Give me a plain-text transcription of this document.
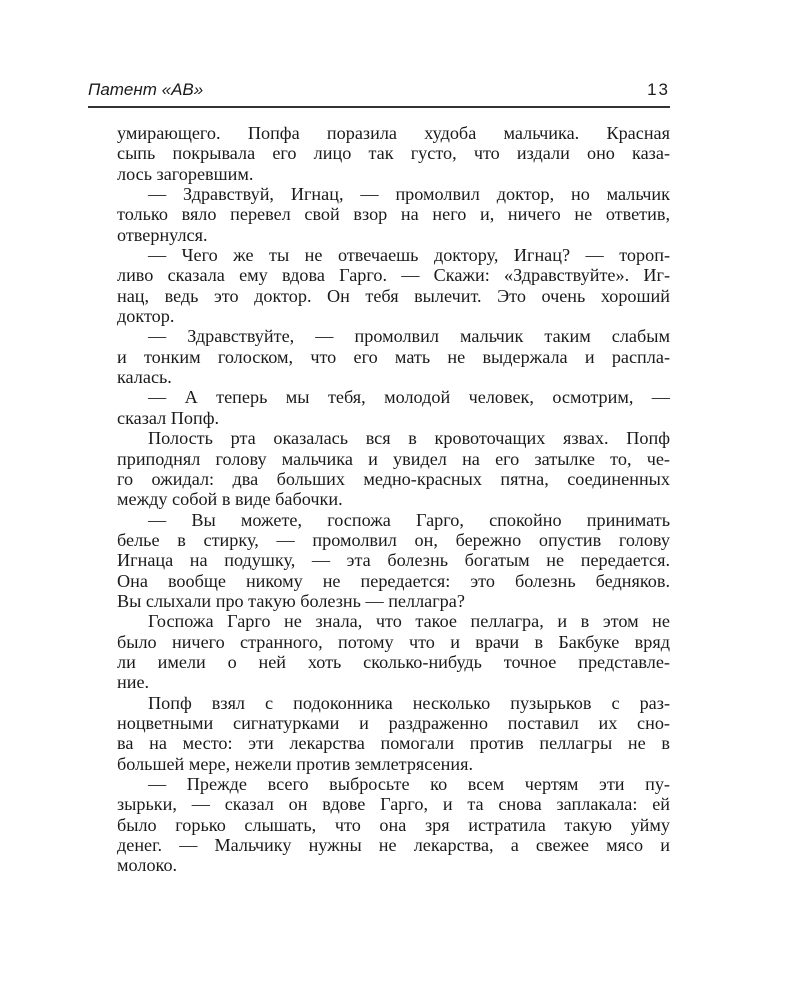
Патент «АВ»	13
умирающего. Попфа поразила худоба мальчика. Красная
сыпь покрывала его лицо так густо, что издали оно каза-
лось загоревшим.
— Здравствуй, Игнац, — промолвил доктор, но мальчик
только вяло перевел свой взор на него и, ничего не ответив,
отвернулся.
— Чего же ты не отвечаешь доктору, Игнац? — тороп-
ливо сказала ему вдова Гарго. — Скажи: «Здравствуйте». Иг-
нац, ведь это доктор. Он тебя вылечит. Это очень хороший
доктор.
— Здравствуйте, — промолвил мальчик таким слабым
и тонким голоском, что его мать не выдержала и распла-
калась.
— А теперь мы тебя, молодой человек, осмотрим, —
сказал Попф.
Полость рта оказалась вся в кровоточащих язвах. Попф
приподнял голову мальчика и увидел на его затылке то, че-
го ожидал: два больших медно-красных пятна, соединенных
между собой в виде бабочки.
— Вы можете, госпожа Гарго, спокойно принимать
белье в стирку, — промолвил он, бережно опустив голову
Игнаца на подушку, — эта болезнь богатым не передается.
Она вообще никому не передается: это болезнь бедняков.
Вы слыхали про такую болезнь — пеллагра?
Госпожа Гарго не знала, что такое пеллагра, и в этом не
было ничего странного, потому что и врачи в Бакбуке вряд
ли имели о ней хоть сколько-нибудь точное представле-
ние.
Попф взял с подоконника несколько пузырьков с раз-
ноцветными сигнатурками и раздраженно поставил их сно-
ва на место: эти лекарства помогали против пеллагры не в
большей мере, нежели против землетрясения.
— Прежде всего выбросьте ко всем чертям эти пу-
зырьки, — сказал он вдове Гарго, и та снова заплакала: ей
было горько слышать, что она зря истратила такую уйму
денег. — Мальчику нужны не лекарства, а свежее мясо и
молоко.
